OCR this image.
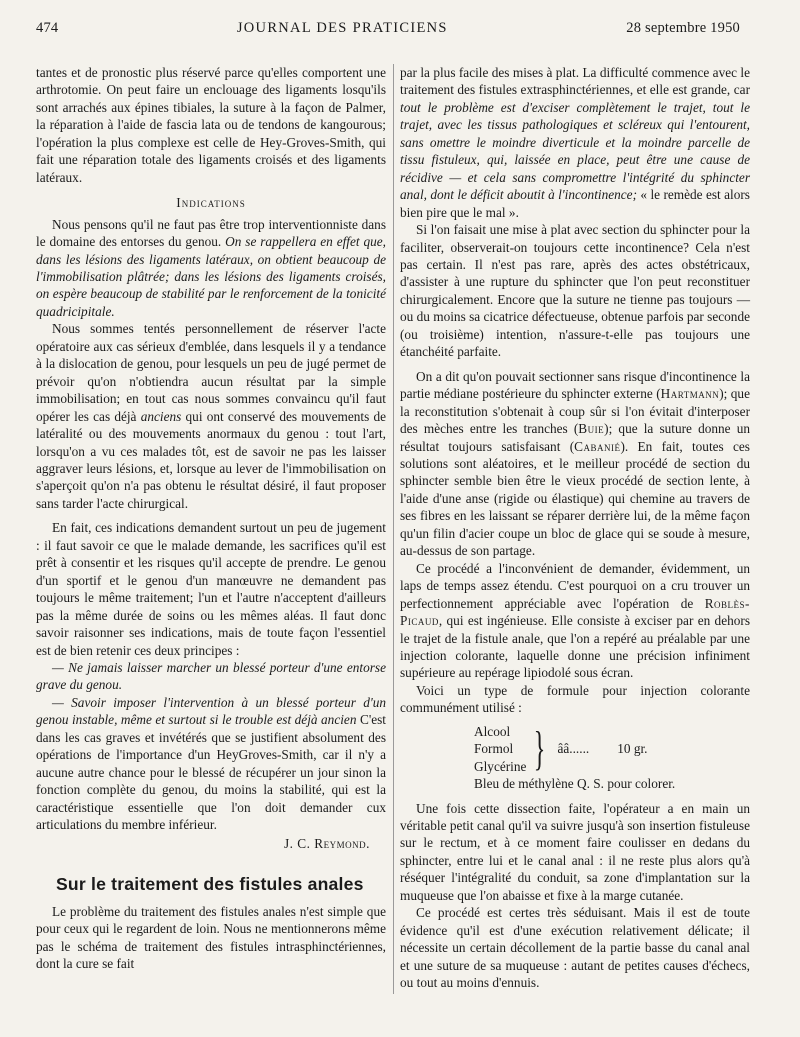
474	JOURNAL DES PRATICIENS	28 septembre 1950

tantes et de pronostic plus réservé parce qu'elles comportent une arthrotomie. On peut faire un enclouage des ligaments losqu'ils sont arrachés aux épines tibiales, la suture à la façon de Palmer, la réparation à l'aide de fascia lata ou de tendons de kangourous; l'opération la plus complexe est celle de Hey-Groves-Smith, qui fait une réparation totale des ligaments croisés et des ligaments latéraux.

Indications

Nous pensons qu'il ne faut pas être trop interventionniste dans le domaine des entorses du genou. On se rappellera en effet que, dans les lésions des ligaments latéraux, on obtient beaucoup de l'immobilisation plâtrée; dans les lésions des ligaments croisés, on espère beaucoup de stabilité par le renforcement de la tonicité quadricipitale.

Nous sommes tentés personnellement de réserver l'acte opératoire aux cas sérieux d'emblée, dans lesquels il y a tendance à la dislocation de genou, pour lesquels un peu de jugé permet de prévoir qu'on n'obtiendra aucun résultat par la simple immobilisation; en tout cas nous sommes convaincu qu'il faut opérer les cas déjà anciens qui ont conservé des mouvements de latéralité ou des mouvements anormaux du genou : tout l'art, lorsqu'on a vu ces malades tôt, est de savoir ne pas les laisser aggraver leurs lésions, et, lorsque au lever de l'immobilisation on s'aperçoit qu'on n'a pas obtenu le résultat désiré, il faut proposer sans tarder l'acte chirurgical.

En fait, ces indications demandent surtout un peu de jugement : il faut savoir ce que le malade demande, les sacrifices qu'il est prêt à consentir et les risques qu'il accepte de prendre. Le genou d'un sportif et le genou d'un manœuvre ne demandent pas toujours le même traitement; l'un et l'autre n'acceptent d'ailleurs pas la même durée de soins ou les mêmes aléas. Il faut donc savoir raisonner ses indications, mais de toute façon l'essentiel est de bien retenir ces deux principes :

— Ne jamais laisser marcher un blessé porteur d'une entorse grave du genou.

— Savoir imposer l'intervention à un blessé porteur d'un genou instable, même et surtout si le trouble est déjà ancien C'est dans les cas graves et invétérés que se justifient absolument des opérations de l'importance d'un HeyGroves-Smith, car il n'y a aucune autre chance pour le blessé de récupérer un jour sinon la fonction complète du genou, du moins la stabilité, qui est la caractéristique essentielle que l'on doit demander cux articulations du membre inférieur.

J. C. Reymond.
Sur le traitement des fistules anales

Le problème du traitement des fistules anales n'est simple que pour ceux qui le regardent de loin. Nous ne mentionnerons même pas le schéma de traitement des fistules intrasphinctériennes, dont la cure se fait

par la plus facile des mises à plat. La difficulté commence avec le traitement des fistules extrasphinctériennes, et elle est grande, car tout le problème est d'exciser complètement le trajet, tout le trajet, avec les tissus pathologiques et scléreux qui l'entourent, sans omettre le moindre diverticule et la moindre parcelle de tissu fistuleux, qui, laissée en place, peut être une cause de récidive — et cela sans compromettre l'intégrité du sphincter anal, dont le déficit aboutit à l'incontinence; « le remède est alors bien pire que le mal ».

Si l'on faisait une mise à plat avec section du sphincter pour la faciliter, observerait-on toujours cette incontinence? Cela n'est pas certain. Il n'est pas rare, après des actes obstétricaux, d'assister à une rupture du sphincter que l'on peut reconstituer chirurgicalement. Encore que la suture ne tienne pas toujours — ou du moins sa cicatrice défectueuse, obtenue parfois par seconde (ou troisième) intention, n'assure-t-elle pas toujours une étanchéité parfaite.

On a dit qu'on pouvait sectionner sans risque d'incontinence la partie médiane postérieure du sphincter externe (Hartmann); que la reconstitution s'obtenait à coup sûr si l'on évitait d'interposer des mèches entre les tranches (Buie); que la suture donne un résultat toujours satisfaisant (Cabanié). En fait, toutes ces solutions sont aléatoires, et le meilleur procédé de section du sphincter semble bien être le vieux procédé de section lente, à l'aide d'une anse (rigide ou élastique) qui chemine au travers de ses fibres en les laissant se réparer derrière lui, de la même façon qu'un filin d'acier coupe un bloc de glace qui se soude à mesure, au-dessus de son partage.

Ce procédé a l'inconvénient de demander, évidemment, un laps de temps assez étendu. C'est pourquoi on a cru trouver un perfectionnement appréciable avec l'opération de Roblès-Picaud, qui est ingénieuse. Elle consiste à exciser par en dehors le trajet de la fistule anale, que l'on a repéré au préalable par une injection colorante, laquelle donne une précision infiniment supérieure au repérage lipiodolé sous écran.

Voici un type de formule pour injection colorante communément utilisé :

Alcool
Formol
Glycérine } ââ...... 10 gr.
Bleu de méthylène Q. S. pour colorer.

Une fois cette dissection faite, l'opérateur a en main un véritable petit canal qu'il va suivre jusqu'à son insertion fistuleuse sur le rectum, et à ce moment faire coulisser en dedans du sphincter, entre lui et le canal anal : il ne reste plus alors qu'à réséquer l'intégralité du conduit, sa zone d'implantation sur la muqueuse que l'on abaisse et fixe à la marge cutanée.

Ce procédé est certes très séduisant. Mais il est de toute évidence qu'il est d'une exécution relativement délicate; il nécessite un certain décollement de la partie basse du canal anal et une suture de sa muqueuse : autant de petites causes d'échecs, ou tout au moins d'ennuis.
